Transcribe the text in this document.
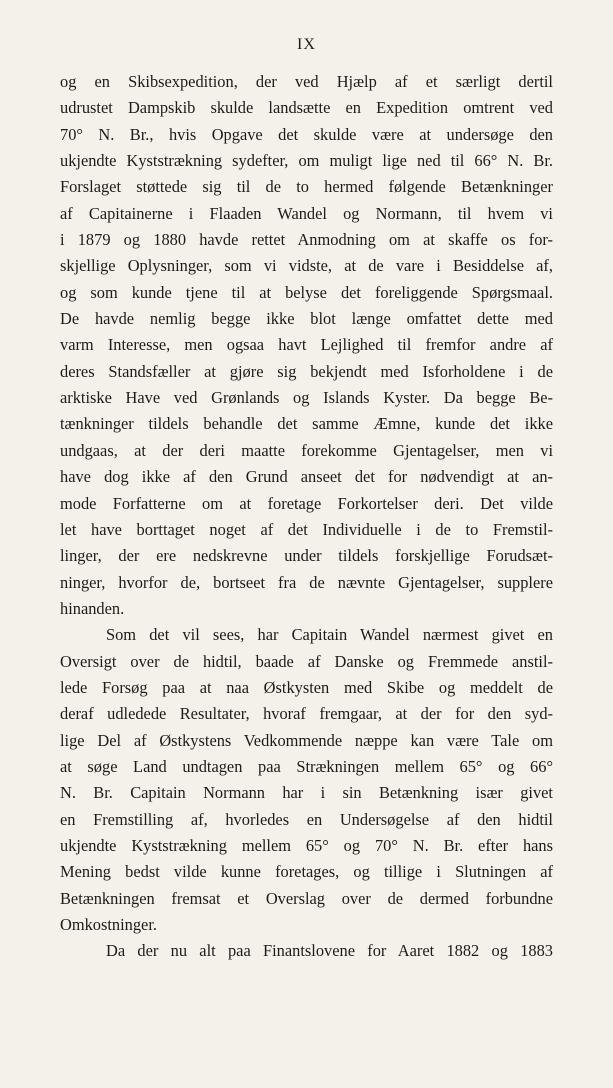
IX
og en Skibsexpedition, der ved Hjælp af et særligt dertil
udrustet Dampskib skulde landsætte en Expedition omtrent ved
70° N. Br., hvis Opgave det skulde være at undersøge den
ukjendte Kyststrækning sydefter, om muligt lige ned til 66° N. Br.
Forslaget støttede sig til de to hermed følgende Betænkninger
af Capitainerne i Flaaden Wandel og Normann, til hvem vi
i 1879 og 1880 havde rettet Anmodning om at skaffe os for-
skjellige Oplysninger, som vi vidste, at de vare i Besiddelse af,
og som kunde tjene til at belyse det foreliggende Spørgsmaal.
De havde nemlig begge ikke blot længe omfattet dette med
varm Interesse, men ogsaa havt Lejlighed til fremfor andre af
deres Standsfæller at gjøre sig bekjendt med Isforholdene i de
arktiske Have ved Grønlands og Islands Kyster. Da begge Be-
tænkninger tildels behandle det samme Æmne, kunde det ikke
undgaas, at der deri maatte forekomme Gjentagelser, men vi
have dog ikke af den Grund anseet det for nødvendigt at an-
mode Forfatterne om at foretage Forkortelser deri. Det vilde
let have borttaget noget af det Individuelle i de to Fremstil-
linger, der ere nedskrevne under tildels forskjellige Forudsæt-
ninger, hvorfor de, bortseet fra de nævnte Gjentagelser, supplere
hinanden.
Som det vil sees, har Capitain Wandel nærmest givet en
Oversigt over de hidtil, baade af Danske og Fremmede anstil-
lede Forsøg paa at naa Østkysten med Skibe og meddelt de
deraf udledede Resultater, hvoraf fremgaar, at der for den syd-
lige Del af Østkystens Vedkommende næppe kan være Tale om
at søge Land undtagen paa Strækningen mellem 65° og 66°
N. Br. Capitain Normann har i sin Betænkning især givet
en Fremstilling af, hvorledes en Undersøgelse af den hidtil
ukjendte Kyststrækning mellem 65° og 70° N. Br. efter hans
Mening bedst vilde kunne foretages, og tillige i Slutningen af
Betænkningen fremsat et Overslag over de dermed forbundne
Omkostninger.
Da der nu alt paa Finantslovene for Aaret 1882 og 1883
